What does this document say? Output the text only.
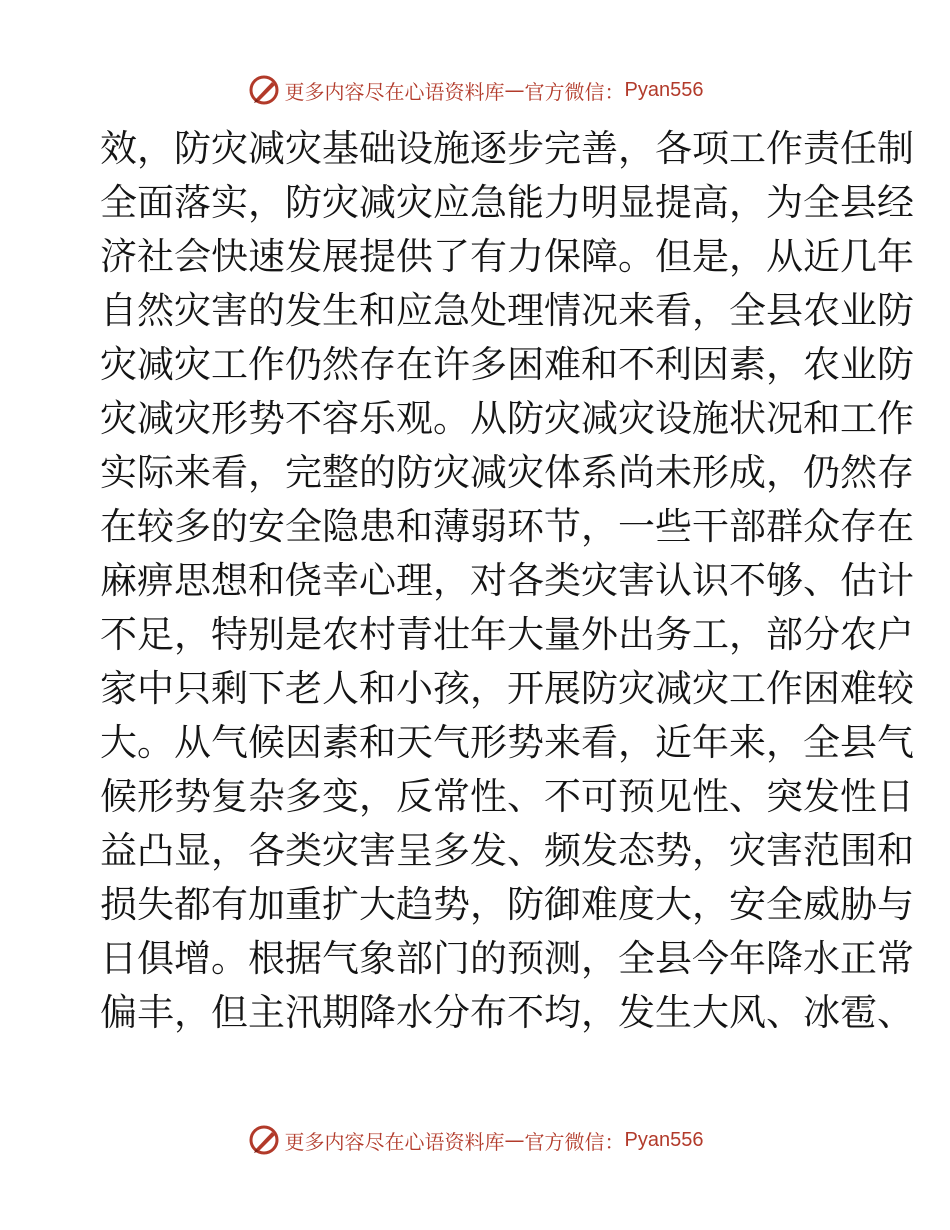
更多内容尽在心语资料库 — 官方微信： Pyan556
效，防灾减灾基础设施逐步完善，各项工作责任制
全面落实，防灾减灾应急能力明显提高，为全县经
济社会快速发展提供了有力保障。但是，从近几年
自然灾害的发生和应急处理情况来看，全县农业防
灾减灾工作仍然存在许多困难和不利因素，农业防
灾减灾形势不容乐观。从防灾减灾设施状况和工作
实际来看，完整的防灾减灾体系尚未形成，仍然存
在较多的安全隐患和薄弱环节，一些干部群众存在
麻痹思想和侥幸心理，对各类灾害认识不够、估计
不足，特别是农村青壮年大量外出务工，部分农户
家中只剩下老人和小孩，开展防灾减灾工作困难较
大。从气候因素和天气形势来看，近年来，全县气
候形势复杂多变，反常性、不可预见性、突发性日
益凸显，各类灾害呈多发、频发态势，灾害范围和
损失都有加重扩大趋势，防御难度大，安全威胁与
日俱增。根据气象部门的预测，全县今年降水正常
偏丰，但主汛期降水分布不均，发生大风、冰雹、
更多内容尽在心语资料库 — 官方微信： Pyan556
